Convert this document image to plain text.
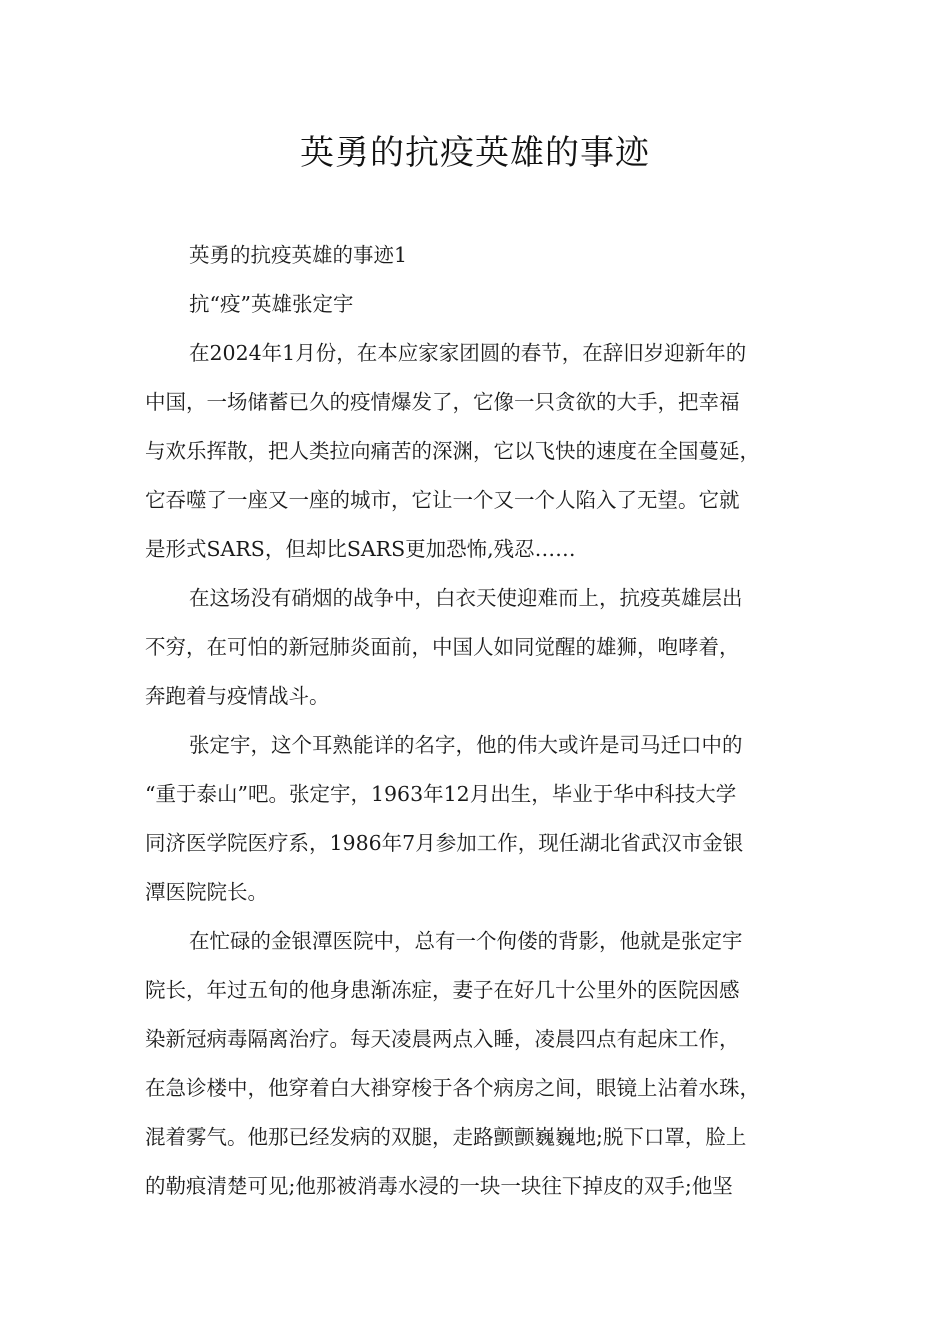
英勇的抗疫英雄的事迹
英勇的抗疫英雄的事迹1
抗“疫”英雄张定宇
在2024年1月份，在本应家家团圆的春节，在辞旧岁迎新年的
中国，一场储蓄已久的疫情爆发了，它像一只贪欲的大手，把幸福
与欢乐挥散，把人类拉向痛苦的深渊，它以飞快的速度在全国蔓延，
它吞噬了一座又一座的城市，它让一个又一个人陷入了无望。它就
是形式SARS，但却比SARS更加恐怖,残忍……
在这场没有硝烟的战争中，白衣天使迎难而上，抗疫英雄层出
不穷，在可怕的新冠肺炎面前，中国人如同觉醒的雄狮，咆哮着，
奔跑着与疫情战斗。
张定宇，这个耳熟能详的名字，他的伟大或许是司马迁口中的
“重于泰山”吧。张定宇，1963年12月出生，毕业于华中科技大学
同济医学院医疗系，1986年7月参加工作，现任湖北省武汉市金银
潭医院院长。
在忙碌的金银潭医院中，总有一个佝偻的背影，他就是张定宇
院长，年过五旬的他身患渐冻症，妻子在好几十公里外的医院因感
染新冠病毒隔离治疗。每天凌晨两点入睡，凌晨四点有起床工作，
在急诊楼中，他穿着白大褂穿梭于各个病房之间，眼镜上沾着水珠，
混着雾气。他那已经发病的双腿，走路颤颤巍巍地;脱下口罩，脸上
的勒痕清楚可见;他那被消毒水浸的一块一块往下掉皮的双手;他坚
